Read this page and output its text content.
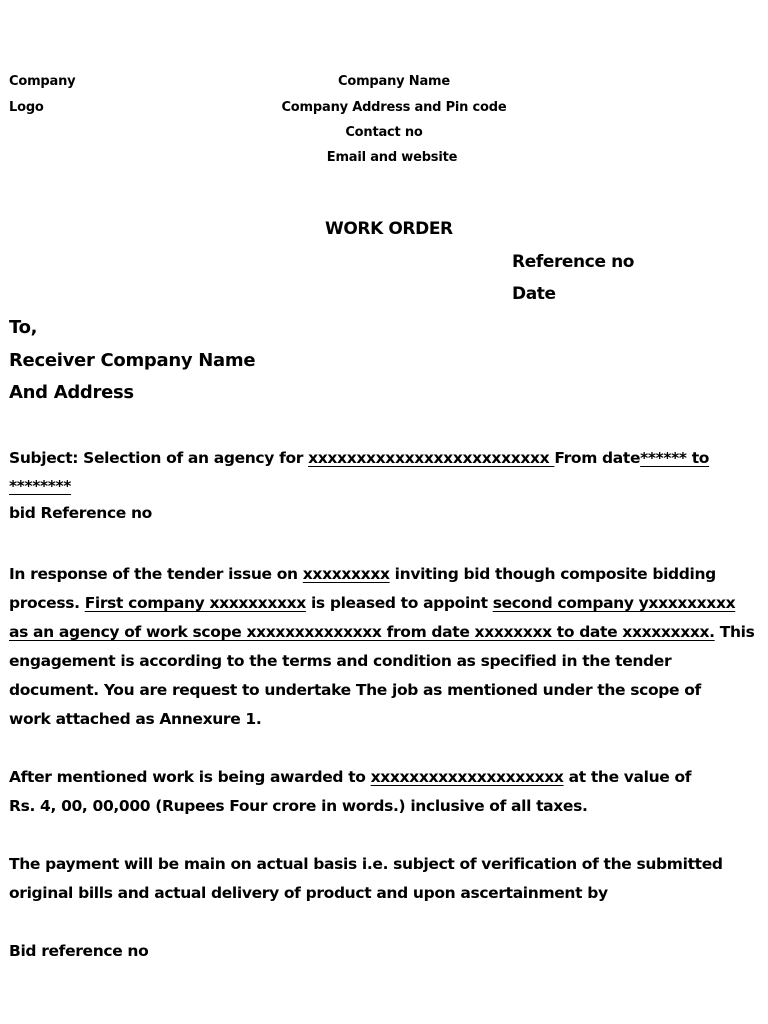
Company
Logo
Company Name
Company Address and Pin code
Contact no
Email and website
WORK ORDER
Reference no
Date
To,
Receiver Company Name
And Address
Subject: Selection of an agency for xxxxxxxxxxxxxxxxxxxxxxxxx From date****** to
********
bid Reference no
In response of the tender issue on xxxxxxxxx inviting bid though composite bidding
process. First company xxxxxxxxxx is pleased to appoint second company yxxxxxxxxx
as an agency of work scope xxxxxxxxxxxxxx from date xxxxxxxx to date xxxxxxxxx. This
engagement is according to the terms and condition as specified in the tender
document. You are request to undertake The job as mentioned under the scope of
work attached as Annexure 1.
After mentioned work is being awarded to xxxxxxxxxxxxxxxxxxxx at the value of
Rs. 4, 00, 00,000 (Rupees Four crore in words.) inclusive of all taxes.
The payment will be main on actual basis i.e. subject of verification of the submitted
original bills and actual delivery of product and upon ascertainment by
Bid reference no
